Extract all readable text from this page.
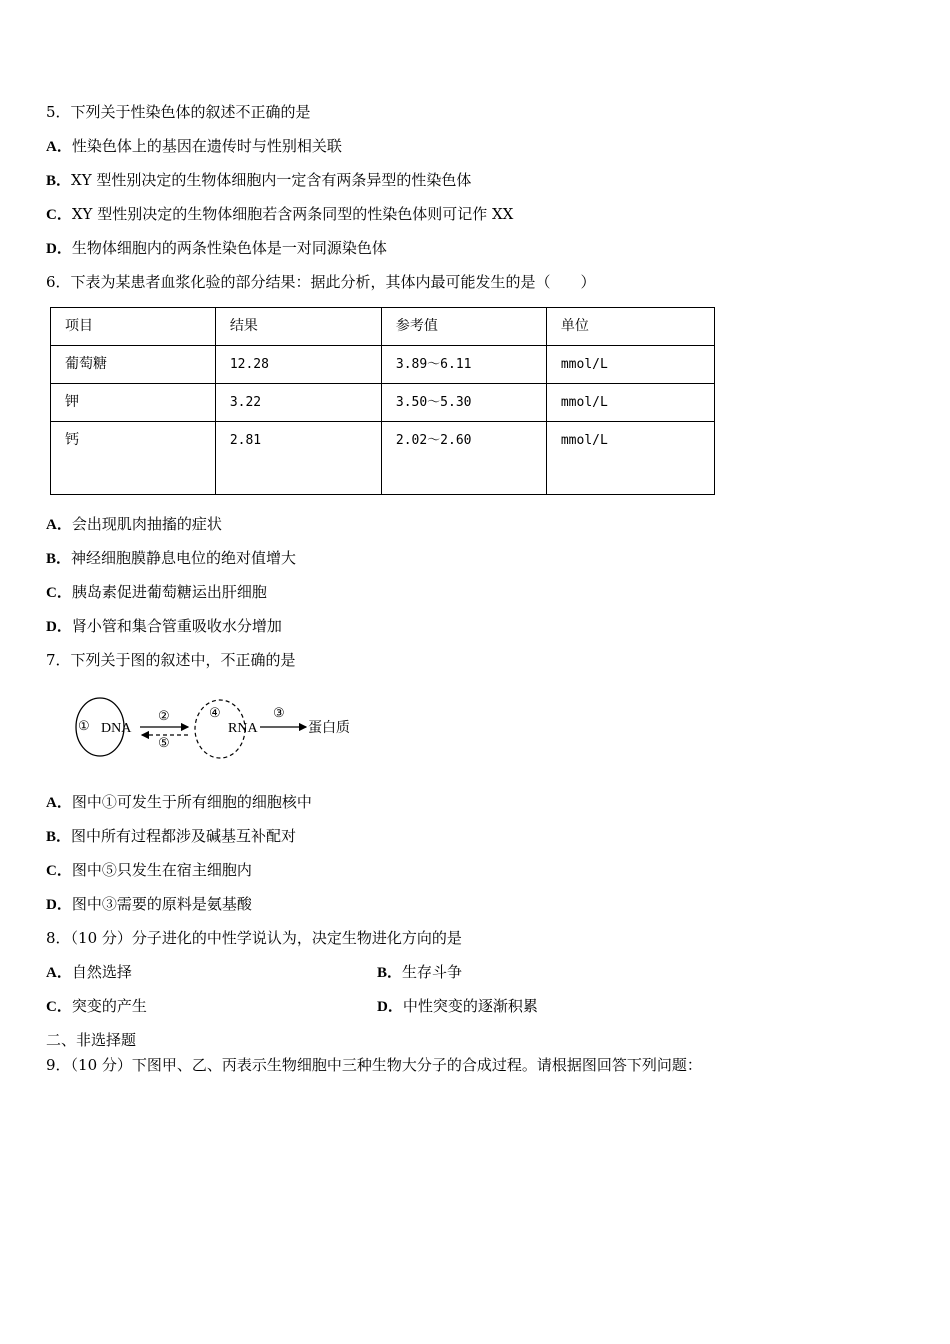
5．下列关于性染色体的叙述不正确的是
A．性染色体上的基因在遗传时与性别相关联
B．XY 型性别决定的生物体细胞内一定含有两条异型的性染色体
C．XY 型性别决定的生物体细胞若含两条同型的性染色体则可记作 XX
D．生物体细胞内的两条性染色体是一对同源染色体
6．下表为某患者血浆化验的部分结果：据此分析，其体内最可能发生的是（　　）
项目	结果	参考值	单位
葡萄糖	12.28	3.89～6.11	mmol/L
钾	3.22	3.50～5.30	mmol/L
钙	2.81	2.02～2.60	mmol/L
A．会出现肌肉抽搐的症状
B．神经细胞膜静息电位的绝对值增大
C．胰岛素促进葡萄糖运出肝细胞
D．肾小管和集合管重吸收水分增加
7．下列关于图的叙述中，不正确的是
① DNA
②
⑤
④
RNA
③
蛋白质
A．图中①可发生于所有细胞的细胞核中
B．图中所有过程都涉及碱基互补配对
C．图中⑤只发生在宿主细胞内
D．图中③需要的原料是氨基酸
8．（10 分）分子进化的中性学说认为，决定生物进化方向的是
A．自然选择	B．生存斗争
C．突变的产生	D．中性突变的逐渐积累
二、非选择题
9．（10 分）下图甲、乙、丙表示生物细胞中三种生物大分子的合成过程。请根据图回答下列问题：
